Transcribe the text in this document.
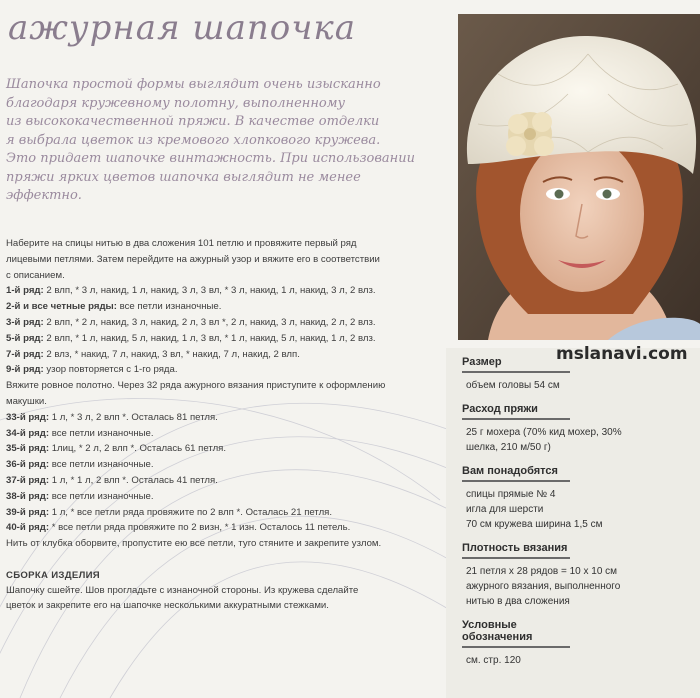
ажурная шапочка
Шапочка простой формы выглядит очень изысканно
благодаря кружевному полотну, выполненному
из высококачественной пряжи. В качестве отделки
я выбрала цветок из кремового хлопкового кружева.
Это придает шапочке винтажность. При использовании
пряжи ярких цветов шапочка выглядит не менее
эффектно.
Наберите на спицы нитью в два сложения 101 петлю и провяжите первый ряд
лицевыми петлями. Затем перейдите на ажурный узор и вяжите его в соответствии
с описанием.
1-й ряд: 2 влп, * 3 л, накид, 1 л, накид, 3 л, 3 вл, * 3 л, накид, 1 л, накид, 3 л, 2 влз.
2-й и все четные ряды: все петли изнаночные.
3-й ряд: 2 влп, * 2 л, накид, 3 л, накид, 2 л, 3 вл *, 2 л, накид, 3 л, накид, 2 л, 2 влз.
5-й ряд: 2 влп, * 1 л, накид, 5 л, накид, 1 л, 3 вл, * 1 л, накид, 5 л, накид, 1 л, 2 влз.
7-й ряд: 2 влз, * накид, 7 л, накид, 3 вл, * накид, 7 л, накид, 2 влп.
9-й ряд: узор повторяется с 1-го ряда.
Вяжите ровное полотно. Через 32 ряда ажурного вязания приступите к оформлению
макушки.
33-й ряд: 1 л, * 3 л, 2 влп *. Осталась 81 петля.
34-й ряд: все петли изнаночные.
35-й ряд: 1лиц, * 2 л, 2 влп *. Осталась 61 петля.
36-й ряд: все петли изнаночные.
37-й ряд: 1 л, * 1 л, 2 влп *. Осталась 41 петля.
38-й ряд: все петли изнаночные.
39-й ряд: 1 л, * все петли ряда провяжите по 2 влп *. Осталась 21 петля.
40-й ряд: * все петли ряда провяжите по 2 визн, * 1 изн. Осталось 11 петель.
Нить от клубка оборвите, пропустите ею все петли, туго стяните и закрепите узлом.
СБОРКА ИЗДЕЛИЯ
Шапочку сшейте. Шов прогладьте с изнаночной стороны. Из кружева сделайте
цветок и закрепите его на шапочке несколькими аккуратными стежками.
mslanavi.com
Размер
объем головы 54 см
Расход пряжи
25 г мохера (70% кид мохер, 30%
шелка, 210 м/50 г)
Вам понадобятся
спицы прямые № 4
игла для шерсти
70 см кружева ширина 1,5 см
Плотность вязания
21 петля х 28 рядов = 10 х 10 см
ажурного вязания, выполненного
нитью в два сложения
Условные обозначения
см. стр. 120
